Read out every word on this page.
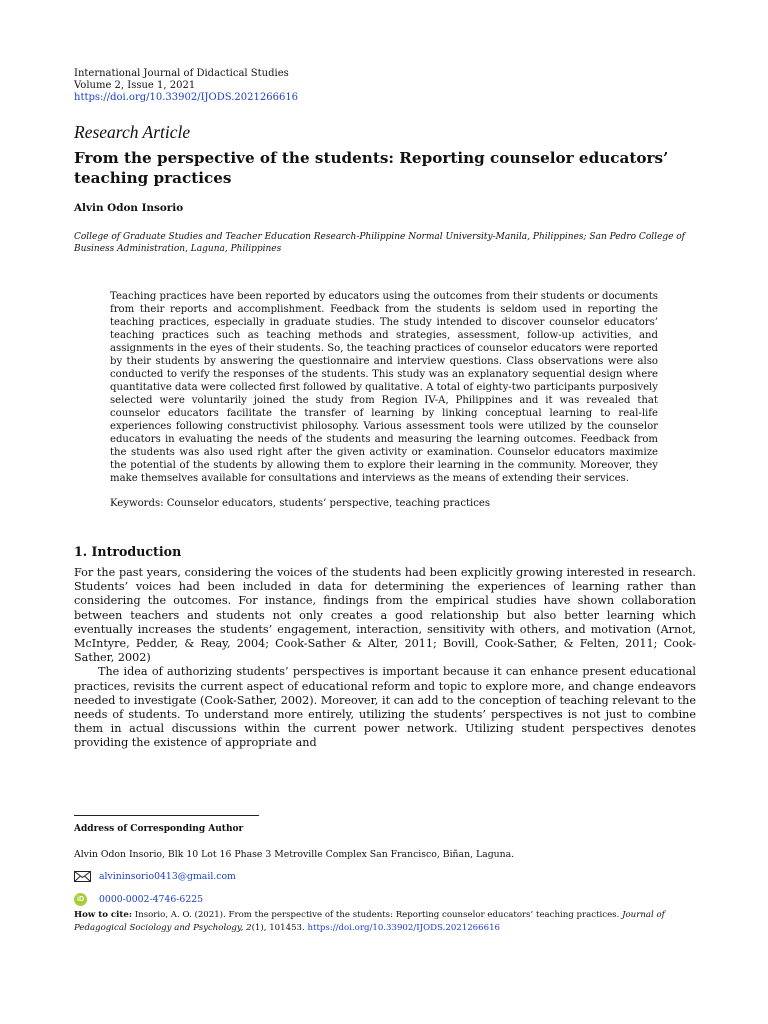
International Journal of Didactical Studies
Volume 2, Issue 1, 2021
https://doi.org/10.33902/IJODS.2021266616
Research Article
From the perspective of the students: Reporting counselor educators’ teaching practices
Alvin Odon Insorio
College of Graduate Studies and Teacher Education Research-Philippine Normal University-Manila, Philippines; San Pedro College of Business Administration, Laguna, Philippines
Teaching practices have been reported by educators using the outcomes from their students or documents from their reports and accomplishment. Feedback from the students is seldom used in reporting the teaching practices, especially in graduate studies. The study intended to discover counselor educators’ teaching practices such as teaching methods and strategies, assessment, follow-up activities, and assignments in the eyes of their students. So, the teaching practices of counselor educators were reported by their students by answering the questionnaire and interview questions. Class observations were also conducted to verify the responses of the students. This study was an explanatory sequential design where quantitative data were collected first followed by qualitative. A total of eighty-two participants purposively selected were voluntarily joined the study from Region IV-A, Philippines and it was revealed that counselor educators facilitate the transfer of learning by linking conceptual learning to real-life experiences following constructivist philosophy. Various assessment tools were utilized by the counselor educators in evaluating the needs of the students and measuring the learning outcomes. Feedback from the students was also used right after the given activity or examination. Counselor educators maximize the potential of the students by allowing them to explore their learning in the community. Moreover, they make themselves available for consultations and interviews as the means of extending their services.
Keywords: Counselor educators, students’ perspective, teaching practices
1. Introduction

For the past years, considering the voices of the students had been explicitly growing interested in research. Students’ voices had been included in data for determining the experiences of learning rather than considering the outcomes. For instance, findings from the empirical studies have shown collaboration between teachers and students not only creates a good relationship but also better learning which eventually increases the students’ engagement, interaction, sensitivity with others, and motivation (Arnot, McIntyre, Pedder, & Reay, 2004; Cook-Sather & Alter, 2011; Bovill, Cook-Sather, & Felten, 2011; Cook-Sather, 2002)

The idea of authorizing students’ perspectives is important because it can enhance present educational practices, revisits the current aspect of educational reform and topic to explore more, and change endeavors needed to investigate (Cook-Sather, 2002). Moreover, it can add to the conception of teaching relevant to the needs of students. To understand more entirely, utilizing the students’ perspectives is not just to combine them in actual discussions within the current power network. Utilizing student perspectives denotes providing the existence of appropriate and

Address of Corresponding Author
Alvin Odon Insorio, Blk 10 Lot 16 Phase 3 Metroville Complex San Francisco, Biñan, Laguna.
alvininsorio0413@gmail.com
iD	0000-0002-4746-6225
How to cite: Insorio, A. O. (2021). From the perspective of the students: Reporting counselor educators’ teaching practices. Journal of Pedagogical Sociology and Psychology, 2(1), 101453. https://doi.org/10.33902/IJODS.2021266616
